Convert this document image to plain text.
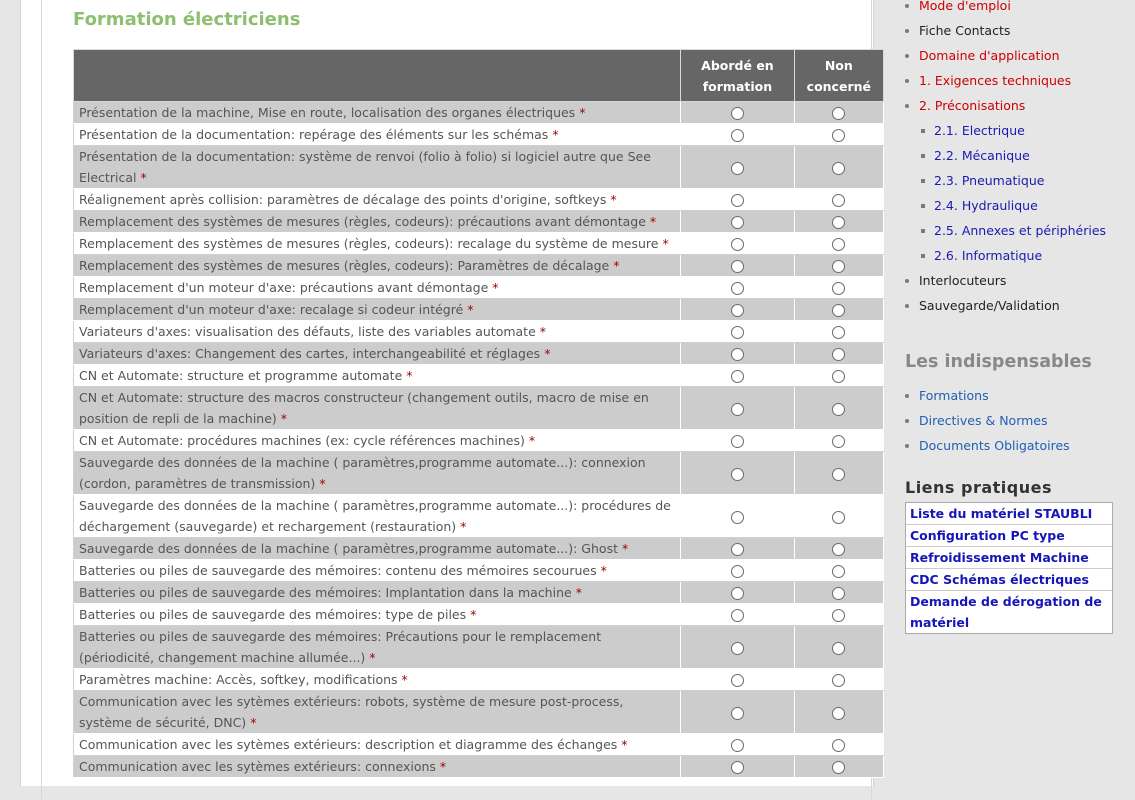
Formation électriciens
	Abordé en formation	Non concerné
Présentation de la machine, Mise en route, localisation des organes électriques *		
Présentation de la documentation: repérage des éléments sur les schémas *		
Présentation de la documentation: système de renvoi (folio à folio) si logiciel autre que See Electrical *		
Réalignement après collision: paramètres de décalage des points d'origine, softkeys *		
Remplacement des systèmes de mesures (règles, codeurs): précautions avant démontage *		
Remplacement des systèmes de mesures (règles, codeurs): recalage du système de mesure *		
Remplacement des systèmes de mesures (règles, codeurs): Paramètres de décalage *		
Remplacement d'un moteur d'axe: précautions avant démontage *		
Remplacement d'un moteur d'axe: recalage si codeur intégré *		
Variateurs d'axes: visualisation des défauts, liste des variables automate *		
Variateurs d'axes: Changement des cartes, interchangeabilité et réglages *		
CN et Automate: structure et programme automate *		
CN et Automate: structure des macros constructeur (changement outils, macro de mise en position de repli de la machine) *		
CN et Automate: procédures machines (ex: cycle références machines) *		
Sauvegarde des données de la machine ( paramètres,programme automate...): connexion (cordon, paramètres de transmission) *		
Sauvegarde des données de la machine ( paramètres,programme automate...): procédures de déchargement (sauvegarde) et rechargement (restauration) *		
Sauvegarde des données de la machine ( paramètres,programme automate...): Ghost *		
Batteries ou piles de sauvegarde des mémoires: contenu des mémoires secourues *		
Batteries ou piles de sauvegarde des mémoires: Implantation dans la machine *		
Batteries ou piles de sauvegarde des mémoires: type de piles *		
Batteries ou piles de sauvegarde des mémoires: Précautions pour le remplacement (périodicité, changement machine allumée...) *		
Paramètres machine: Accès, softkey, modifications *		
Communication avec les sytèmes extérieurs: robots, système de mesure post-process, système de sécurité, DNC) *		
Communication avec les sytèmes extérieurs: description et diagramme des échanges *		
Communication avec les sytèmes extérieurs: connexions *		
Mode d'emploi
Fiche Contacts
Domaine d'application
1. Exigences techniques
2. Préconisations
2.1. Electrique
2.2. Mécanique
2.3. Pneumatique
2.4. Hydraulique
2.5. Annexes et périphéries
2.6. Informatique
Interlocuteurs
Sauvegarde/Validation
Les indispensables
Formations
Directives & Normes
Documents Obligatoires
Liens pratiques
Liste du matériel STAUBLI
Configuration PC type
Refroidissement Machine
CDC Schémas électriques
Demande de dérogation de matériel
